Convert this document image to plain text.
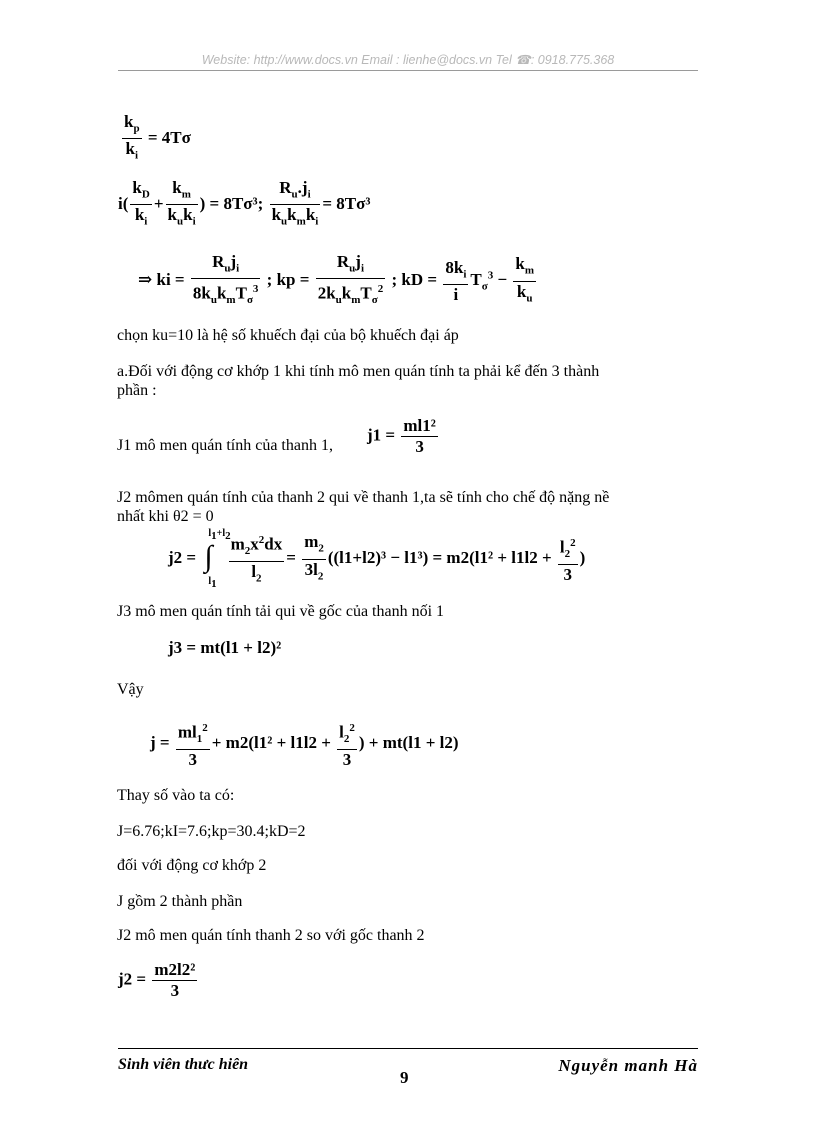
Website: http://www.docs.vn Email : lienhe@docs.vn Tel ☎: 0918.775.368
$\frac{k_p}{k_i} = 4T\sigma$
$i( \frac{k_D}{k_i} + \frac{k_m}{k_uk_i}$ ) = 8Tσ³; $\frac{R_u.j_i}{k_uk_mk_i} = 8T\sigma^3$
⇒ ki = $\frac{R_uj_i}{8k_uk_mT_\sigma^3}$ ; kp = $\frac{R_uj_i}{2k_uk_mT_\sigma^2}$ ; kD = $\frac{8k_i}{i} T_\sigma^3 - \frac{k_m}{k_u}$
chọn ku=10 là hệ số khuếch đại của bộ khuếch đại áp
a.Đối với động cơ khớp 1 khi tính mô men quán tính ta phải kể đến 3 thành
phần :
J1 mô men quán tính của thanh 1,
$j1 = \frac{\text{ml1²}}{3}$
J2 mômen quán tính của thanh 2 qui về thanh 1,ta sẽ tính cho chế độ nặng nề
nhất khi θ2 = 0
j2 =
$l_1+l_2$
∫
$l_1$
$\frac{m_2x^2dx}{l_2} = \frac{m_2}{3l_2} ((l1+l2)^3 - l1^3) = m2(l1^2 + l1l2 + \frac{l_2^2}{3}$ )
J3 mô men quán tính tải qui về gốc của thanh nối 1
j3 = mt(l1 + l2)²
Vậy
$j = \frac{ml_1^2}{3} + m2(l1^2 + l1l2 + \frac{l_2^2}{3}$ ) + mt(l1 + l2)
Thay số vào ta có:
J=6.76;kI=7.6;kp=30.4;kD=2
đối với động cơ khớp 2
J gồm 2 thành phần
J2 mô men quán tính thanh 2 so với gốc thanh 2
$j2 = \frac{\text{m2l2²}}{3}$
Sinh viên thưc hiên
9
Nguyễn manh Hà
